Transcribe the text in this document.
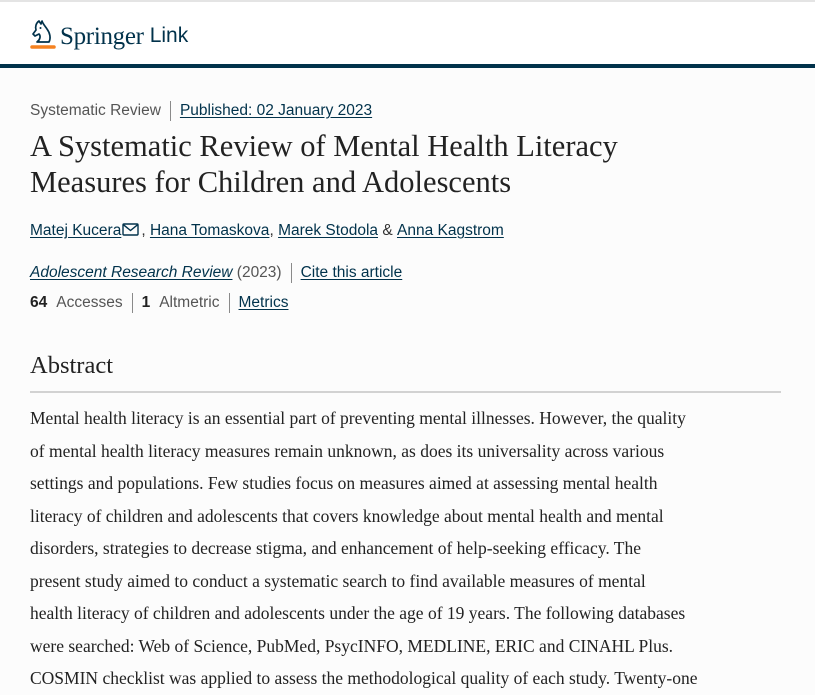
Springer Link
Systematic Review Published: 02 January 2023
A Systematic Review of Mental Health Literacy Measures for Children and Adolescents
Matej Kucera ,
Hana Tomaskova ,
Marek Stodola
&
Anna Kagstrom
Adolescent Research Review
(2023) Cite this article
64 Accesses 1 Altmetric Metrics
Abstract

Mental health literacy is an essential part of preventing mental illnesses. However, the quality
of mental health literacy measures remain unknown, as does its universality across various
settings and populations. Few studies focus on measures aimed at assessing mental health
literacy of children and adolescents that covers knowledge about mental health and mental
disorders, strategies to decrease stigma, and enhancement of help-seeking efficacy. The
present study aimed to conduct a systematic search to find available measures of mental
health literacy of children and adolescents under the age of 19 years. The following databases
were searched: Web of Science, PubMed, PsycINFO, MEDLINE, ERIC and CINAHL Plus.
COSMIN checklist was applied to assess the methodological quality of each study. Twenty-one
